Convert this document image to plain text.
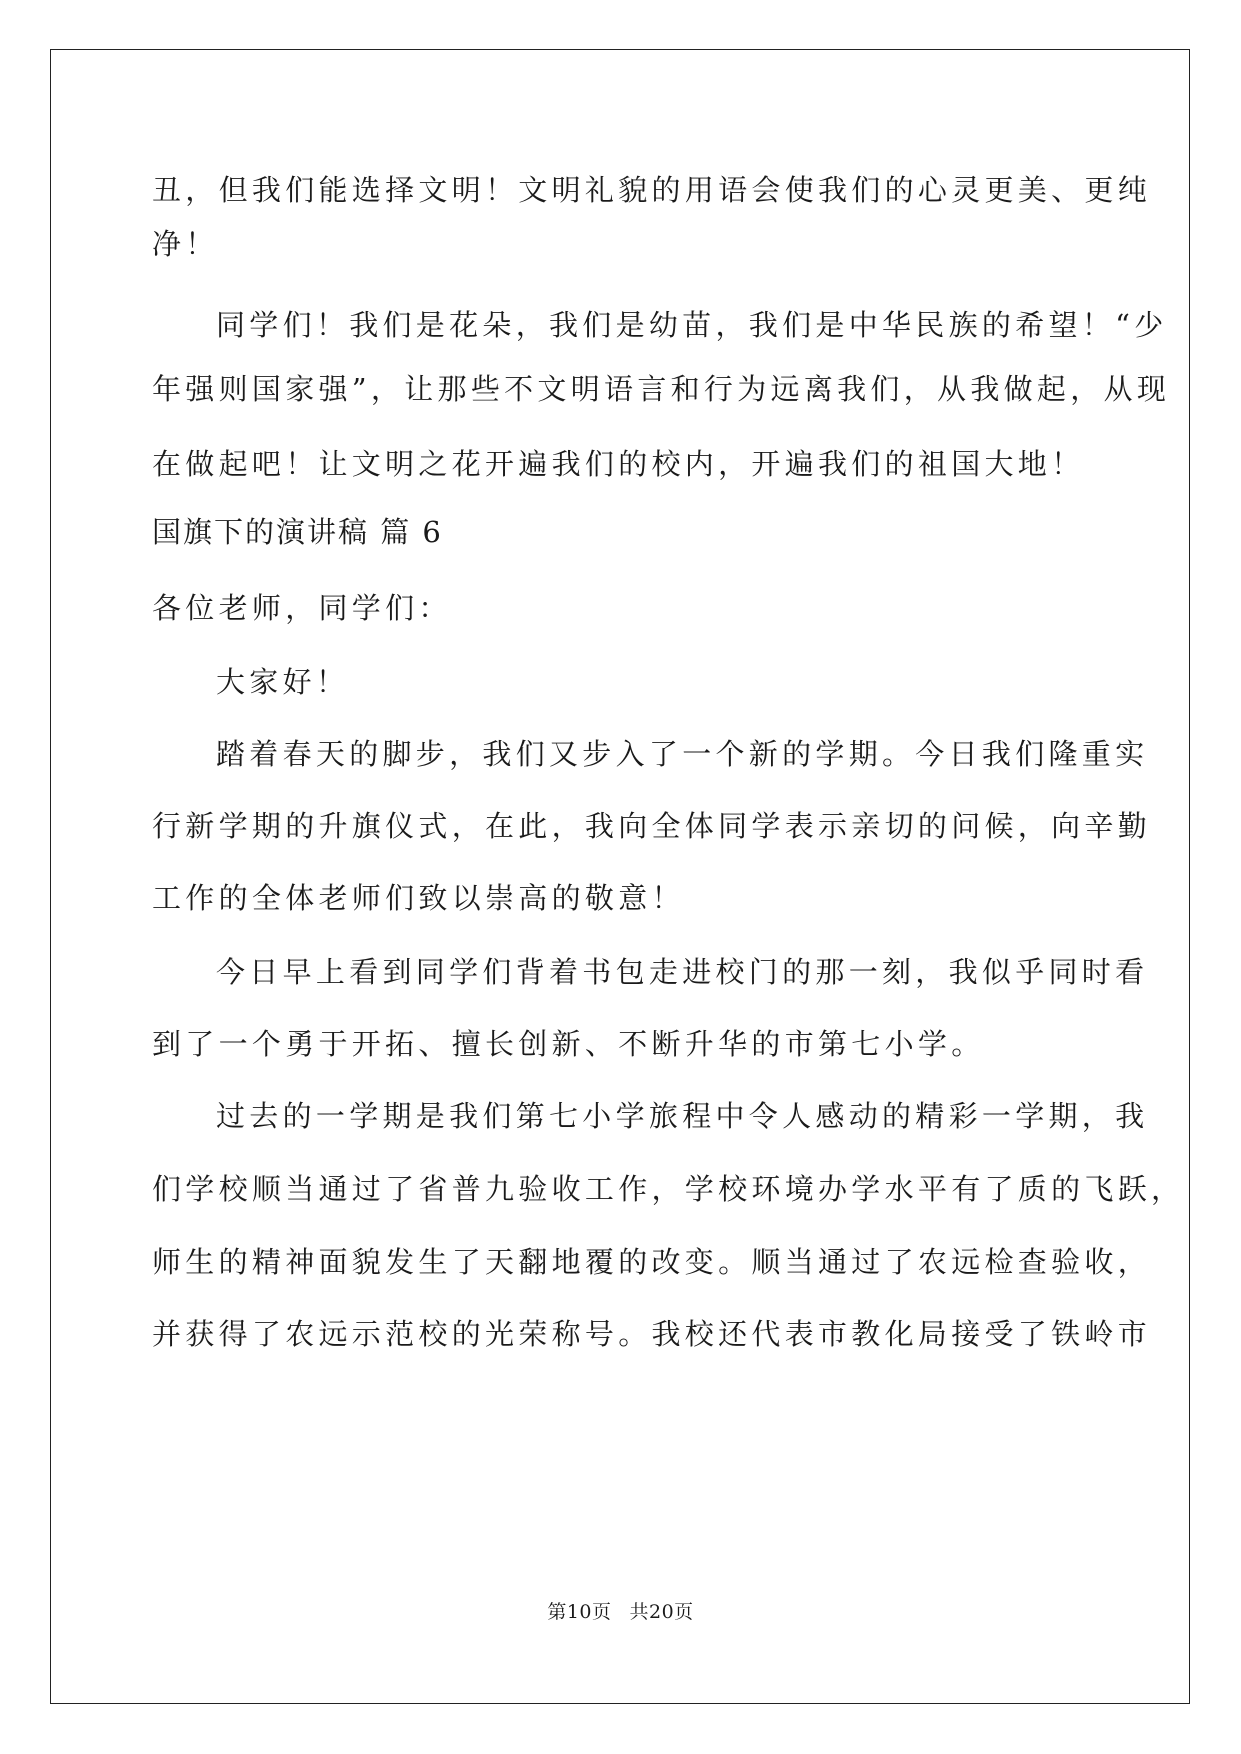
丑，但我们能选择文明！文明礼貌的用语会使我们的心灵更美、更纯
净！
同学们！我们是花朵，我们是幼苗，我们是中华民族的希望！“少
年强则国家强”，让那些不文明语言和行为远离我们，从我做起，从现
在做起吧！让文明之花开遍我们的校内，开遍我们的祖国大地！
国旗下的演讲稿 篇 6
各位老师，同学们：
大家好！
踏着春天的脚步，我们又步入了一个新的学期。今日我们隆重实
行新学期的升旗仪式，在此，我向全体同学表示亲切的问候，向辛勤
工作的全体老师们致以崇高的敬意！
今日早上看到同学们背着书包走进校门的那一刻，我似乎同时看
到了一个勇于开拓、擅长创新、不断升华的市第七小学。
过去的一学期是我们第七小学旅程中令人感动的精彩一学期，我
们学校顺当通过了省普九验收工作，学校环境办学水平有了质的飞跃，
师生的精神面貌发生了天翻地覆的改变。顺当通过了农远检查验收，
并获得了农远示范校的光荣称号。我校还代表市教化局接受了铁岭市
第10页 共20页
